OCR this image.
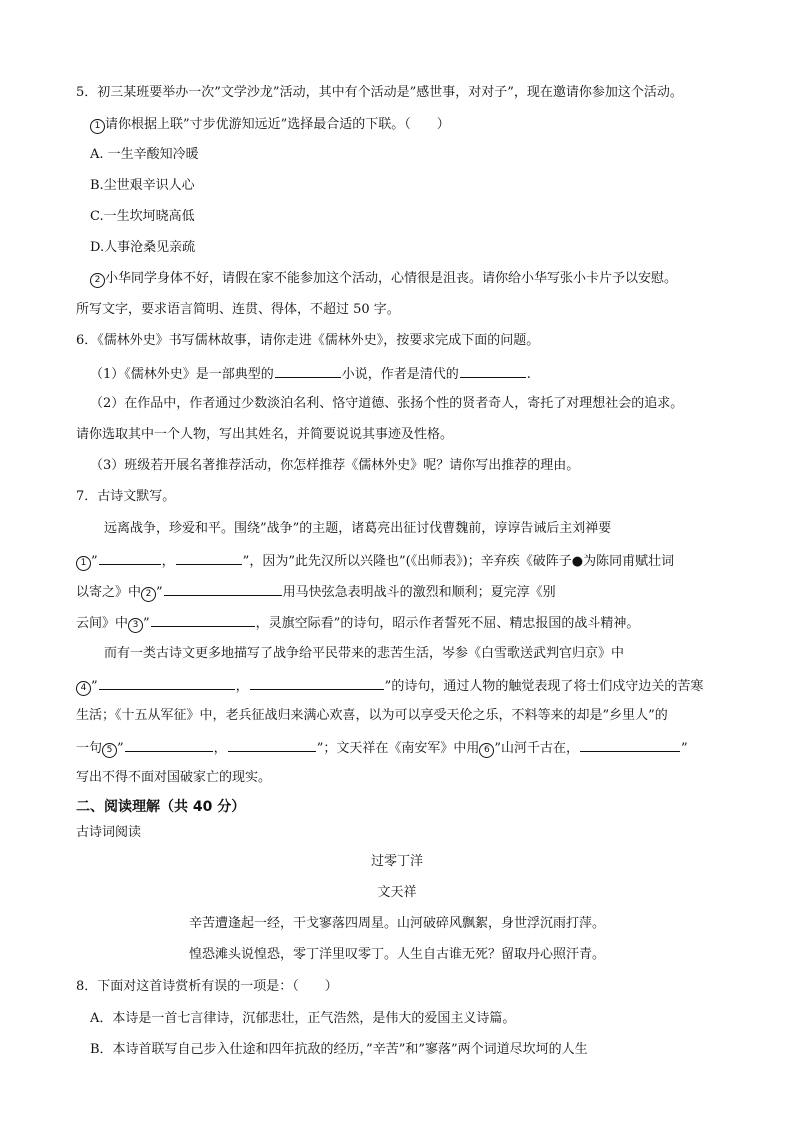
5．初三某班要举办一次”文学沙龙”活动，其中有个活动是”感世事，对对子”，现在邀请你参加这个活动。
1 请你根据上联”寸步优游知远近”选择最合适的下联。（　　）
A. 一生辛酸知冷暖
B.尘世艰辛识人心
C.一生坎坷晓高低
D.人事沧桑见亲疏
2 小华同学身体不好，请假在家不能参加这个活动，心情很是沮丧。请你给小华写张小卡片予以安慰。
所写文字，要求语言简明、连贯、得体，不超过 50 字。
6．《儒林外史》书写儒林故事，请你走进《儒林外史》，按要求完成下面的问题。
（1）《儒林外史》是一部典型的	小说，作者是清代的	.
（2）在作品中，作者通过少数淡泊名利、恪守道德、张扬个性的贤者奇人，寄托了对理想社会的追求。
请你选取其中一个人物，写出其姓名，并简要说说其事迹及性格。
（3）班级若开展名著推荐活动，你怎样推荐《儒林外史》呢？请你写出推荐的理由。
7．古诗文默写。
远离战争，珍爱和平。围绕”战争”的主题，诸葛亮出征讨伐曹魏前，谆谆告诫后主刘禅要
1 ”	，	”，因为”此先汉所以兴隆也”(《出师表》)；辛弃疾《破阵子●为陈同甫赋壮词
以寄之》中 2 ”	用马快弦急表明战斗的激烈和顺利；夏完淳《别
云间》中 3 ”	，灵旗空际看”的诗句，昭示作者誓死不屈、精忠报国的战斗精神。
而有一类古诗文更多地描写了战争给平民带来的悲苦生活，岑参《白雪歌送武判官归京》中
4 ”	，	”的诗句，通过人物的触觉表现了将士们戍守边关的苦寒
生活；《十五从军征》中，老兵征战归来满心欢喜，以为可以享受天伦之乐，不料等来的却是”乡里人”的
一句 5 ”	，	”；文天祥在《南安军》中用 6 ”山河千古在，	”
写出不得不面对国破家亡的现实。
二、阅读理解（共 40 分）
古诗词阅读
过零丁洋
文天祥
辛苦遭逢起一经，干戈寥落四周星。山河破碎风飘絮，身世浮沉雨打萍。
惶恐滩头说惶恐，零丁洋里叹零丁。人生自古谁无死？留取丹心照汗青。
8．下面对这首诗赏析有误的一项是：（　　）
A．本诗是一首七言律诗，沉郁悲壮，正气浩然，是伟大的爱国主义诗篇。
B．本诗首联写自己步入仕途和四年抗敌的经历，”辛苦”和”寥落”两个词道尽坎坷的人生
